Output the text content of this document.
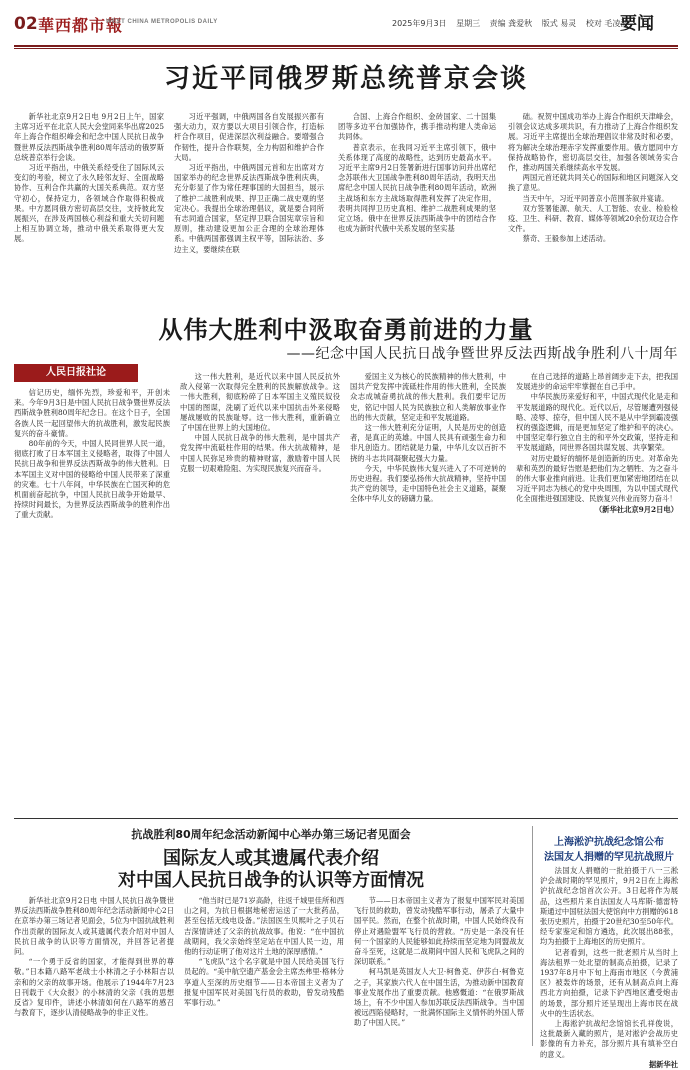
02 華西都市報
WEST CHINA METROPOLIS DAILY	2025年9月3日 星期三 责编 龚爱秋 版式 易灵 校对 毛凌波
要闻
习近平同俄罗斯总统普京会谈

新华社北京9月2日电 9月2日上午，国家主席习近平在北京人民大会堂同来华出席2025年上海合作组织峰会和纪念中国人民抗日战争暨世界反法西斯战争胜利80周年活动的俄罗斯总统普京举行会谈。

习近平指出，中俄关系经受住了国际风云变幻的考验，树立了永久睦邻友好、全面战略协作、互利合作共赢的大国关系典范。双方坚守初心，保持定力，各领域合作取得积极成果。中方愿同俄方密切高层交往，支持彼此发展振兴，在涉及两国核心利益和重大关切问题上相互协调立场，推动中俄关系取得更大发展。

习近平强调，中俄两国各自发展振兴都有强大动力，双方要以大项目引领合作，打造标杆合作项目，促进深层次利益融合。要增强合作韧性，提升合作联契，全力构固和维护合作大局。

习近平指出，中俄两国元首和左出席对方国家举办的纪念世界反法西斯战争胜利庆典，充分彰显了作为常任理事国的大国担当，展示了维护二战胜利成果、捍卫正确二战史观的坚定决心。我提出全球治理倡议，就是要合同所有志同道合国家，坚定捍卫联合国宪章宗旨和原则，推动建设更加公正合理的全球治理体系。中俄两国都强调主权平等，国际法治、多边主义，要继续在联

合国、上海合作组织、金砖国家、二十国集团等多边平台加强协作，携手推动构建人类命运共同体。

普京表示，在我同习近平主席引领下，俄中关系体现了高度的战略性，达到历史最高水平。习近平主席9月2日签署新进行国事访问并出席纪念苏联伟大卫国战争胜利80周年活动，我明天出席纪念中国人民抗日战争胜利80周年活动，欧洲主战场和东方主战场取得胜利发挥了决定作用，表明共同捍卫历史真相、维护二战胜利成果的坚定立场。俄中在世界反法西斯战争中的团结合作也成为新时代俄中关系发展的坚实基

础。祝贺中国成功举办上海合作组织天津峰会，引领会议达成多项共识，有力推动了上海合作组织发展。习近平主席提出全球治理倡议非常及时和必要，将为解决全球治理赤字发挥重要作用。俄方愿同中方保持战略协作，密切高层交往，加强各领域务实合作，推动两国关系继续高水平发展。

两国元首还就共同关心的国际和地区问题深入交换了意见。

当天中午，习近平同普京小范围茶叙并宴请。

双方签署能源、航天、人工智能、农业、检验检疫、卫生、科研、教育、媒体等领域20余份双边合作文件。

蔡奇、王毅参加上述活动。

从伟大胜利中汲取奋勇前进的力量
——纪念中国人民抗日战争暨世界反法西斯战争胜利八十周年
人民日报社论

信记历史，缅怀先烈，珍爱和平，开创未来。今年9月3日是中国人民抗日战争暨世界反法西斯战争胜利80周年纪念日。在这个日子，全国各族人民一起回望伟大的抗战胜利，激发起民族复兴的奋斗豪情。

80年前的今天，中国人民同世界人民一道，彻底打败了日本军国主义侵略者，取得了中国人民抗日战争和世界反法西斯战争的伟大胜利。日本军国主义对中国的侵略给中国人民带来了深重的灾难。七十八年间，中华民族在亡国灭种的危机面前奋起抗争，中国人民抗日战争开始最早、持续时间最长，为世界反法西斯战争的胜利作出了重大贡献。

这一伟大胜利，是近代以来中国人民反抗外敌入侵第一次取得完全胜利的民族解放战争。这一伟大胜利，彻底粉碎了日本军国主义殖民奴役中国的图谋，洗刷了近代以来中国抗击外来侵略屡战屡败的民族耻辱。这一伟大胜利，重新确立了中国在世界上的大国地位。

中国人民抗日战争的伟大胜利，是中国共产党发挥中流砥柱作用的结果。伟大抗战精神，是中国人民弥足珍贵的精神财富，激励着中国人民克服一切艰难险阻、为实现民族复兴而奋斗。

爱国主义为核心的民族精神的伟大胜利，中国共产党发挥中流砥柱作用的伟大胜利，全民族众志成城奋勇抗战的伟大胜利。我们要牢记历史，铭记中国人民为民族独立和人类解放事业作出的伟大贡献，坚定走和平发展道路。

这一伟大胜利充分证明，人民是历史的创造者，是真正的英雄。中国人民具有顽强生命力和非凡创造力。团结就是力量，中华儿女以百折不挠的斗志共同凝聚起强大力量。

今天，中华民族伟大复兴进入了不可逆转的历史进程。我们要弘扬伟大抗战精神，坚持中国共产党的领导，走中国特色社会主义道路，凝聚全体中华儿女的磅礴力量。

在自己选择的道路上昂首阔步走下去，把我国发展进步的命运牢牢掌握在自己手中。

中华民族历来爱好和平，中国式现代化是走和平发展道路的现代化。近代以后，尽管屡遭列强侵略、凌辱、掠夺，但中国人民不是从中学到霸凌强权的强盗逻辑，而是更加坚定了维护和平的决心。中国坚定奉行独立自主的和平外交政策，坚持走和平发展道路，同世界各国共谋发展、共享繁荣。

对历史最好的缅怀是创造新的历史。对革命先辈和英烈的最好告慰是把他们为之牺牲、为之奋斗的伟大事业推向前进。让我们更加紧密地团结在以习近平同志为核心的党中央周围，为以中国式现代化全面推进强国建设、民族复兴伟业而努力奋斗！

（新华社北京9月2日电）

抗战胜利80周年纪念活动新闻中心举办第三场记者见面会
国际友人或其遗属代表介绍
对中国人民抗日战争的认识等方面情况

新华社北京9月2日电 中国人民抗日战争暨世界反法西斯战争胜利80周年纪念活动新闻中心2日在京举办第三场记者见面会，5位为中国抗战胜利作出贡献的国际友人或其遗属代表介绍对中国人民抗日战争的认识等方面情况，并回答记者提问。

“一个勇于反省的国家，才能得到世界的尊敬。”日本籍八路军老战士小林清之子小林阳吉以亲和的父亲的故事开场。他展示了1944年7月23日刊载于《大众报》的小林清的父亲《我的思想反省》复印件，讲述小林清如何在八路军的感召与教育下，逐步认清侵略战争的非正义性。

“他当时已是71岁高龄，往返千城里佳所和西山之间，为抗日根据地秘密运送了一大批药品，甚至包括无线电设备。”法国医生贝熙叶之子贝石吉深情讲述了父亲的抗战故事。他说：“在中国抗战期间，我父亲始终坚定站在中国人民一边，用他的行动证明了他对这片土地的深厚感情。”

“飞虎队”这个名字就是中国人民给美国飞行员起的。“美中航空遗产基金会主席杰弗里·格林分享道人至深的历史细节——日本帝国主义者为了报复中国军民对美国飞行员的救助，曾发动残酷军事行动。”

节——日本帝国主义者为了报复中国军民对美国飞行员的救助，曾发动残酷军事行动，屠杀了大量中国平民。然而，在整个抗战时期，中国人民始终没有停止对遇险盟军飞行员的营救。“历史是一条没有任何一个国家的人民能够如此持续而坚定地为同盟战友奋斗至死，这就是二战期间中国人民和飞虎队之间的深切联系。”

柯马凯是英国友人大卫·柯鲁克、伊莎白·柯鲁克之子，其家族六代人在中国生活，为推动新中国教育事业发展作出了重要贡献。他感慨道：“在俄罗斯战场上，有不少中国人参加苏联反法西斯战争。当中国被远西陷侵略时，一批满怀国际主义情怀的外国人帮助了中国人民。”

上海淞沪抗战纪念馆公布
法国友人捐赠的罕见抗战照片

法国友人捐赠的一批拍摄于八一三淞沪会战时期的罕见照片，9月2日在上海淞沪抗战纪念馆首次公开。3日起将作为展品，这些照片来自法国友人马库斯·德雷特斯通过中国驻法国大使馆向中方捐赠的618张历史照片，拍摄于20世纪30至50年代。经专家鉴定和馆方遴选，此次展出88张，均为拍摄于上海地区的历史照片。

记者看到，这些一批老照片从当时上海法租界一处北望的制高点拍摄，记录了1937年8月中下旬上海南市地区（今黄浦区）被轰炸的场景，还有从制高点向上海西北方向拍摄，记录下沪西地区遭受炮击的场景，部分照片还呈现出上海市民在战火中的生活状态。

上海淞沪抗战纪念馆馆长孔祥俊说，这批最新入藏的照片，是对淞沪会战历史影像的有力补充，部分照片具有填补空白的意义。

据新华社
